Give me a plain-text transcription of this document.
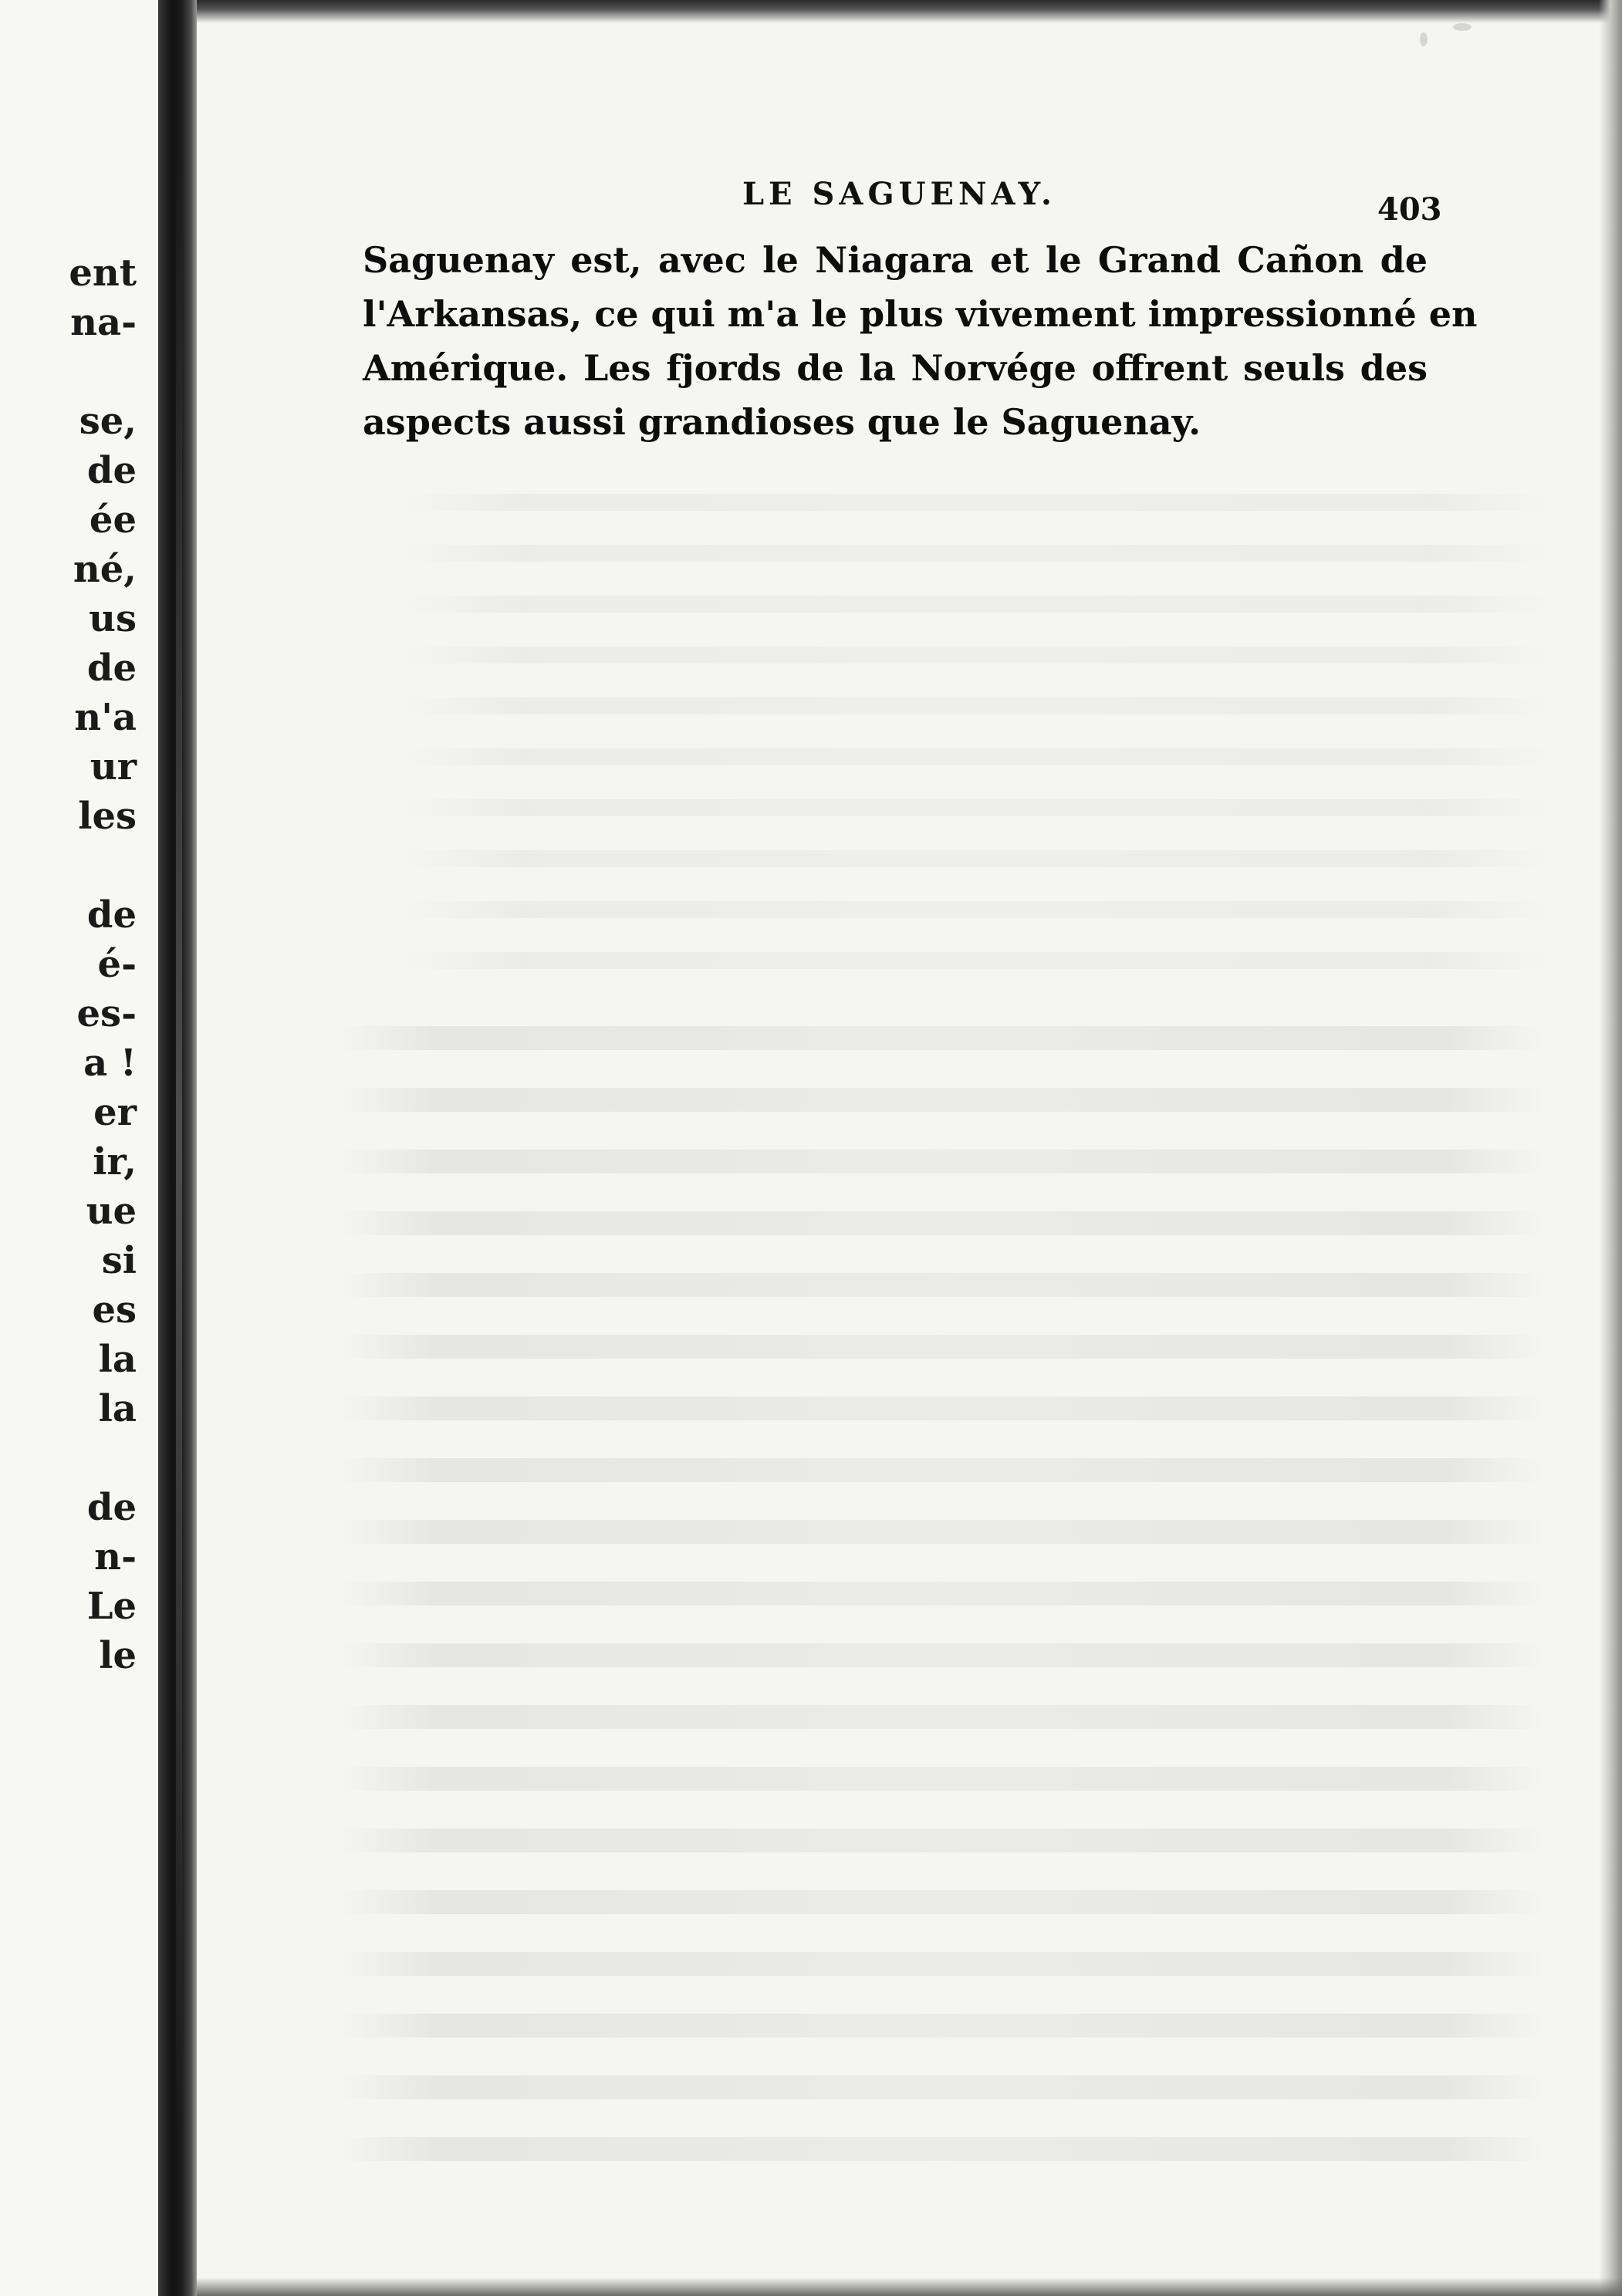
ent
na-
se,
de
ée
né,
us
de
n'a
ur
les
de
é-
es-
a !
er
ir,
ue
si
es
la
la
de
n-
Le
le
LE SAGUENAY.	403
Saguenay est, avec le Niagara et le Grand Cañon de
l'Arkansas, ce qui m'a le plus vivement impressionné en
Amérique. Les fjords de la Norvége offrent seuls des
aspects aussi grandioses que le Saguenay.
